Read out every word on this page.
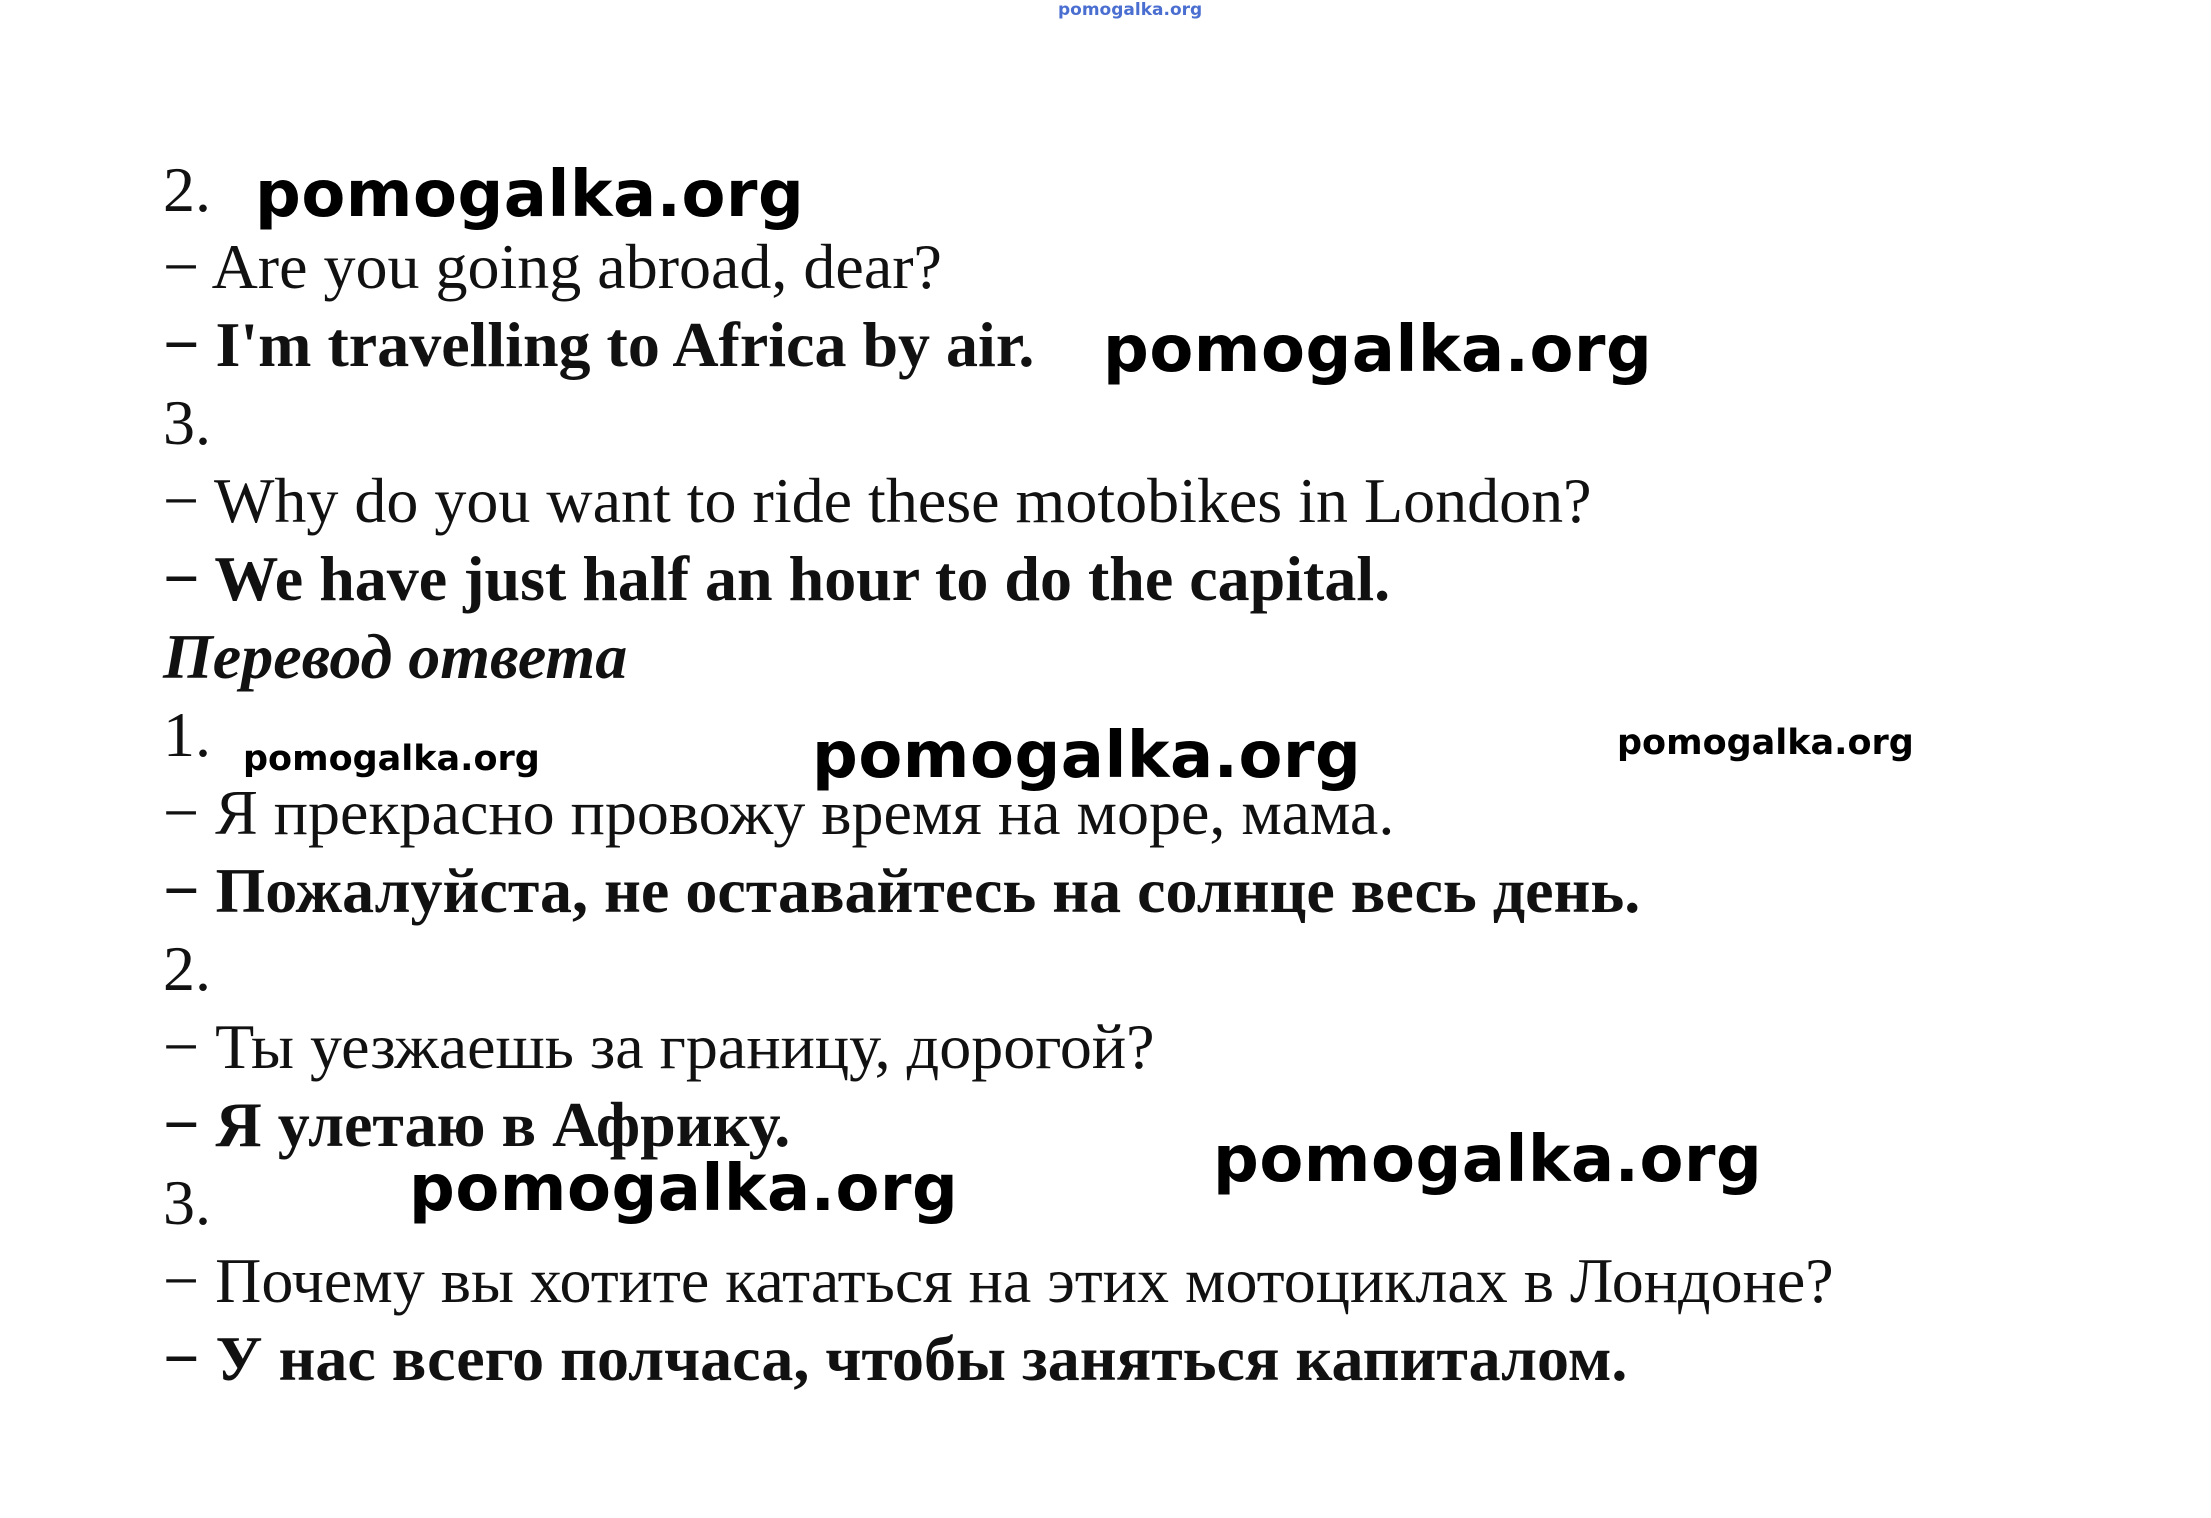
pomogalka.org
2.
− Are you going abroad, dear?
− I'm travelling to Africa by air.
3.
− Why do you want to ride these motobikes in London?
− We have just half an hour to do the capital.
Перевод ответа
1.
− Я прекрасно провожу время на море, мама.
− Пожалуйста, не оставайтесь на солнце весь день.
2.
− Ты уезжаешь за границу, дорогой?
− Я улетаю в Африку.
3.
− Почему вы хотите кататься на этих мотоциклах в Лондоне?
− У нас всего полчаса, чтобы заняться капиталом.
pomogalka.org
pomogalka.org
pomogalka.org	pomogalka.org	pomogalka.org
pomogalka.org
pomogalka.org
